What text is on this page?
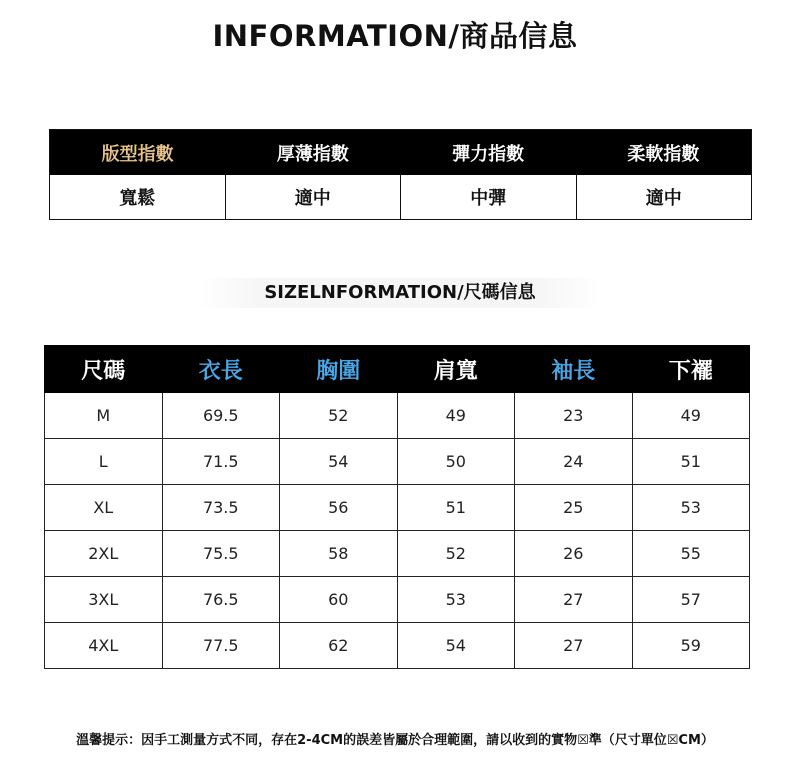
INFORMATION/商品信息
版型指數	厚薄指數	彈力指數	柔軟指數
寬鬆	適中	中彈	適中
SIZELNFORMATION/尺碼信息
尺碼	衣長	胸圍	肩寬	袖長	下襬
M	69.5	52	49	23	49
L	71.5	54	50	24	51
XL	73.5	56	51	25	53
2XL	75.5	58	52	26	55
3XL	76.5	60	53	27	57
4XL	77.5	62	54	27	59
溫馨提示：因手工測量方式不同，存在2-4CM的誤差皆屬於合理範圍，請以收到的實物☒準（尺寸單位☒CM）
